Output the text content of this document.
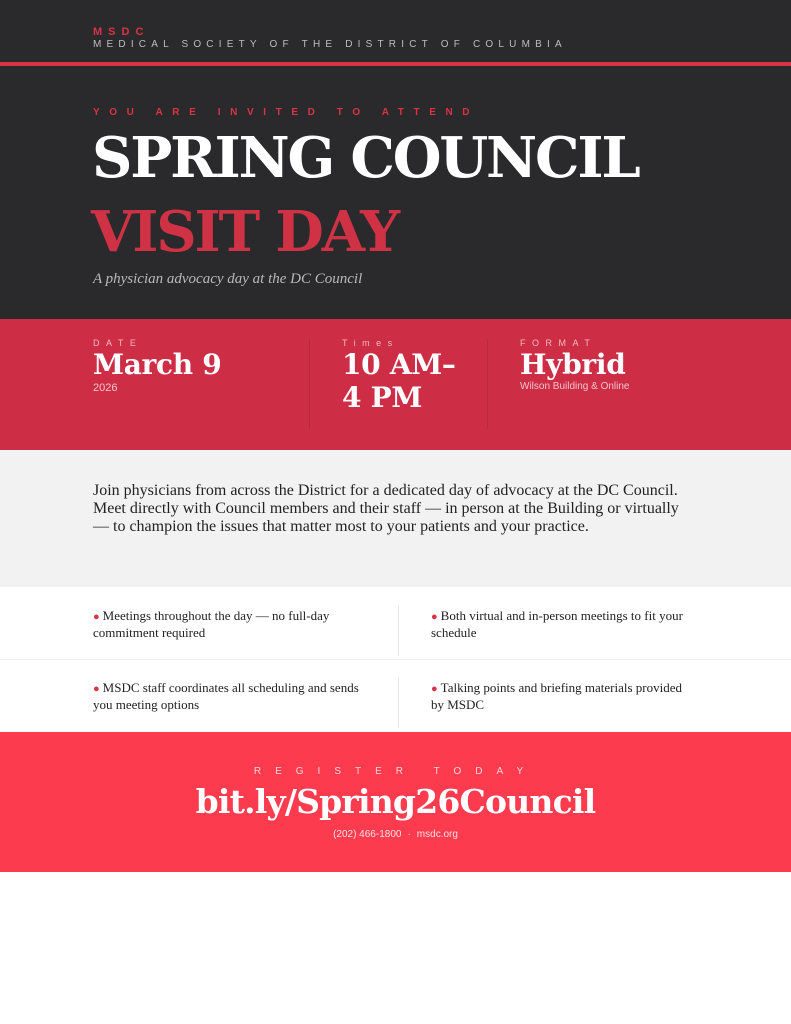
MSDC
MEDICAL SOCIETY OF THE DISTRICT OF COLUMBIA
YOU ARE INVITED TO ATTEND
SPRING COUNCIL
VISIT DAY
A physician advocacy day at the DC Council
DATE
March 9
2026
Times
10 AM–
4 PM
FORMAT
Hybrid
Wilson Building & Online
Join physicians from across the District for a dedicated day of advocacy at the DC Council. Meet directly with Council members and their staff — in person at the Building or virtually — to champion the issues that matter most to your patients and your practice.
● Meetings throughout the day — no full-day commitment required
● Both virtual and in-person meetings to fit your schedule
● MSDC staff coordinates all scheduling and sends you meeting options
● Talking points and briefing materials provided by MSDC
REGISTER TODAY
bit.ly/Spring26Council
(202) 466-1800 · msdc.org
